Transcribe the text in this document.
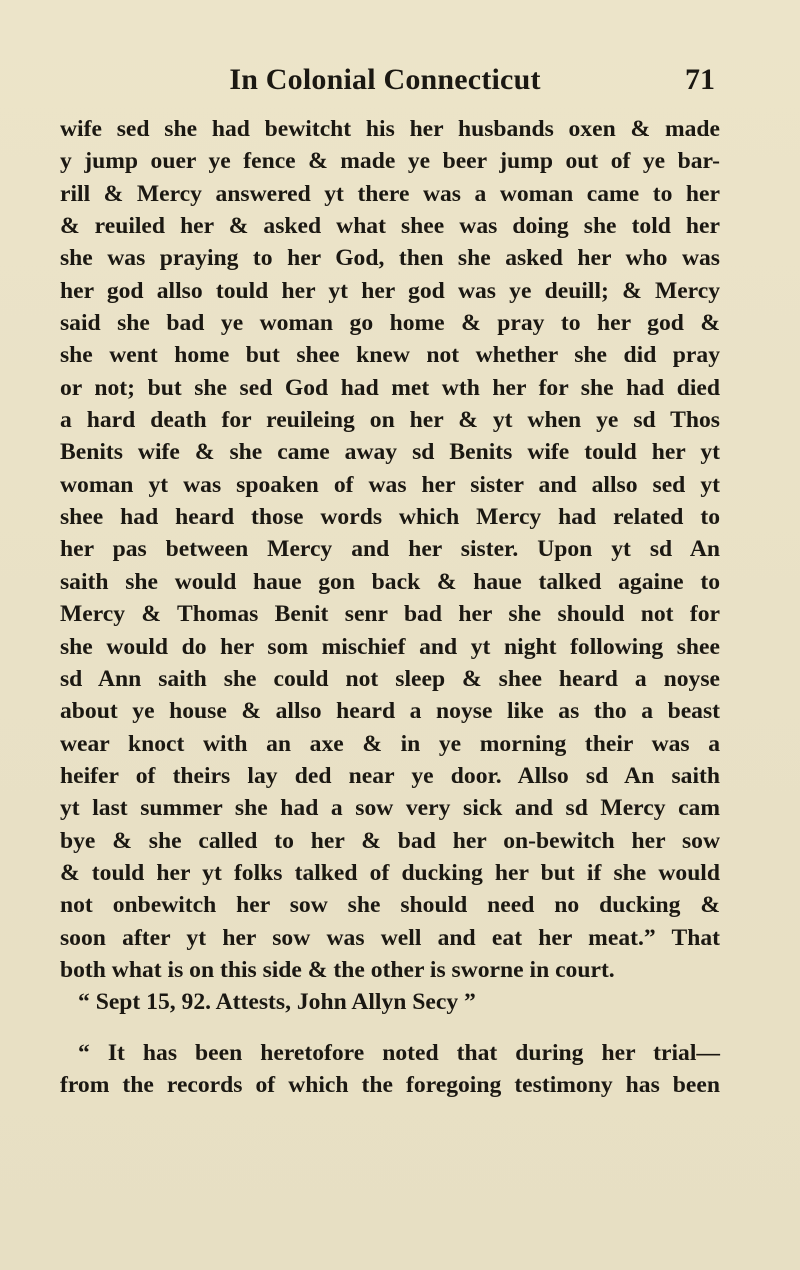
In Colonial Connecticut	71
wife sed she had bewitcht his her husbands oxen & made
y jump ouer ye fence & made ye beer jump out of ye bar-
rill & Mercy answered yt there was a woman came to her
& reuiled her & asked what shee was doing she told her
she was praying to her God, then she asked her who was
her god allso tould her yt her god was ye deuill; & Mercy
said she bad ye woman go home & pray to her god &
she went home but shee knew not whether she did pray
or not; but she sed God had met wth her for she had died
a hard death for reuileing on her & yt when ye sd Thos
Benits wife & she came away sd Benits wife tould her yt
woman yt was spoaken of was her sister and allso sed yt
shee had heard those words which Mercy had related to
her pas between Mercy and her sister. Upon yt sd An
saith she would haue gon back & haue talked againe to
Mercy & Thomas Benit senr bad her she should not for
she would do her som mischief and yt night following shee
sd Ann saith she could not sleep & shee heard a noyse
about ye house & allso heard a noyse like as tho a beast
wear knoct with an axe & in ye morning their was a
heifer of theirs lay ded near ye door. Allso sd An saith
yt last summer she had a sow very sick and sd Mercy cam
bye & she called to her & bad her on-bewitch her sow
& tould her yt folks talked of ducking her but if she would
not onbewitch her sow she should need no ducking &
soon after yt her sow was well and eat her meat.” That
both what is on this side & the other is sworne in court.
“ Sept 15, 92. Attests, John Allyn Secy ”
“ It has been heretofore noted that during her trial—
from the records of which the foregoing testimony has been
